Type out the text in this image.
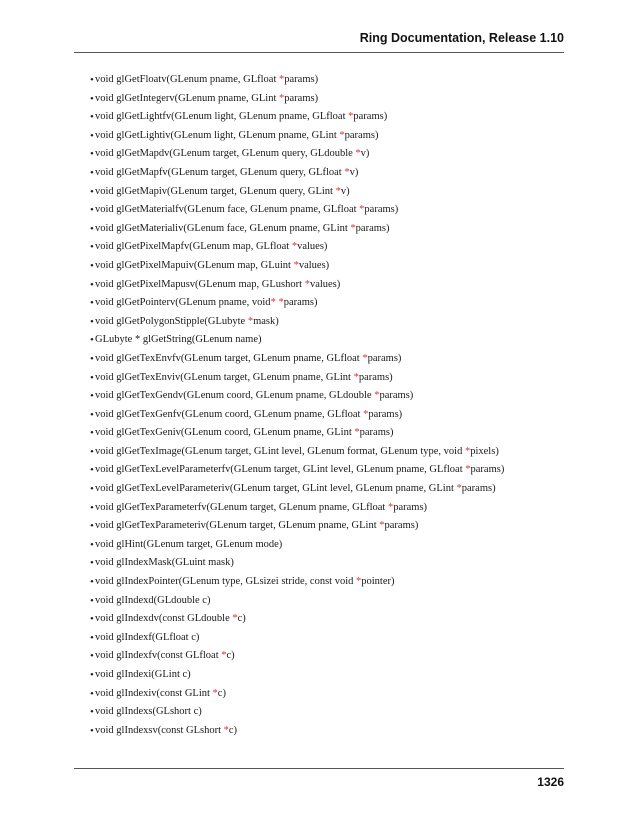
Ring Documentation, Release 1.10
• void glGetFloatv(GLenum pname, GLfloat *params)
• void glGetIntegerv(GLenum pname, GLint *params)
• void glGetLightfv(GLenum light, GLenum pname, GLfloat *params)
• void glGetLightiv(GLenum light, GLenum pname, GLint *params)
• void glGetMapdv(GLenum target, GLenum query, GLdouble *v)
• void glGetMapfv(GLenum target, GLenum query, GLfloat *v)
• void glGetMapiv(GLenum target, GLenum query, GLint *v)
• void glGetMaterialfv(GLenum face, GLenum pname, GLfloat *params)
• void glGetMaterialiv(GLenum face, GLenum pname, GLint *params)
• void glGetPixelMapfv(GLenum map, GLfloat *values)
• void glGetPixelMapuiv(GLenum map, GLuint *values)
• void glGetPixelMapusv(GLenum map, GLushort *values)
• void glGetPointerv(GLenum pname, void* *params)
• void glGetPolygonStipple(GLubyte *mask)
• GLubyte * glGetString(GLenum name)
• void glGetTexEnvfv(GLenum target, GLenum pname, GLfloat *params)
• void glGetTexEnviv(GLenum target, GLenum pname, GLint *params)
• void glGetTexGendv(GLenum coord, GLenum pname, GLdouble *params)
• void glGetTexGenfv(GLenum coord, GLenum pname, GLfloat *params)
• void glGetTexGeniv(GLenum coord, GLenum pname, GLint *params)
• void glGetTexImage(GLenum target, GLint level, GLenum format, GLenum type, void *pixels)
• void glGetTexLevelParameterfv(GLenum target, GLint level, GLenum pname, GLfloat *params)
• void glGetTexLevelParameteriv(GLenum target, GLint level, GLenum pname, GLint *params)
• void glGetTexParameterfv(GLenum target, GLenum pname, GLfloat *params)
• void glGetTexParameteriv(GLenum target, GLenum pname, GLint *params)
• void glHint(GLenum target, GLenum mode)
• void glIndexMask(GLuint mask)
• void glIndexPointer(GLenum type, GLsizei stride, const void *pointer)
• void glIndexd(GLdouble c)
• void glIndexdv(const GLdouble *c)
• void glIndexf(GLfloat c)
• void glIndexfv(const GLfloat *c)
• void glIndexi(GLint c)
• void glIndexiv(const GLint *c)
• void glIndexs(GLshort c)
• void glIndexsv(const GLshort *c)
1326
